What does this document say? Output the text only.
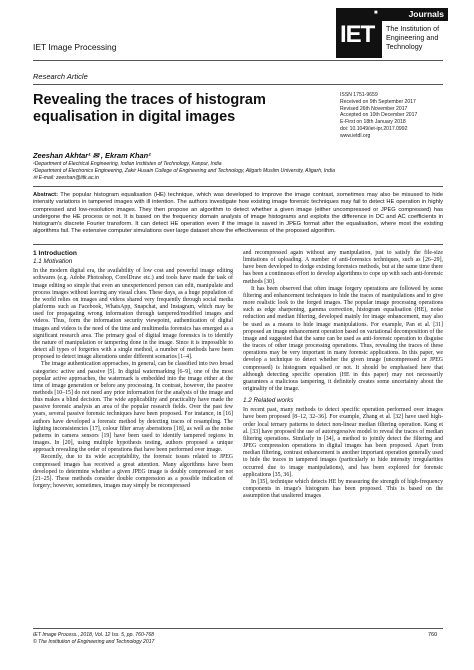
IET Image Processing
Research Article
IET
■	Journals
The Institution of
Engineering and Technology
Revealing the traces of histogram equalisation in digital images
ISSN 1751-9659
Received on 9th September 2017
Revised 26th November 2017
Accepted on 10th December 2017
E-First on 18th January 2018
doi: 10.1049/iet-ipr.2017.0992
www.ietdl.org
Zeeshan Akhtar¹ ✉ , Ekram Khan²
¹Department of Electrical Engineering, Indian Institutes of Technology, Kanpur, India
²Department of Electronics Engineering, Zakir Husain College of Engineering and Technology, Aligarh Muslim University, Aligarh, India
✉ E-mail: zeeshan@iitk.ac.in
Abstract: The popular histogram equalisation (HE) technique, which was developed to improve the image contrast, sometimes may also be misused to hide intensity variations in tampered images with ill intention. The authors investigate how existing image forensic techniques may fail to detect HE operation in highly compressed and low-resolution images. They then propose an algorithm to detect whether a given image (either uncompressed or JPEG compressed) has undergone the HE process or not. It is based on the frequency domain analysis of image histograms and exploits the difference in DC and AC coefficients in histogram's discrete Fourier transform. It can detect HE operation even if the image is saved in JPEG format after the equalisation, where most the existing algorithms fail. The extensive computer simulations over large dataset show the effectiveness of the proposed algorithm.
1 Introduction
1.1 Motivation

In the modern digital era, the availability of low cost and powerful image editing softwares (e.g. Adobe Photoshop, CorelDraw etc.) and tools have made the task of image editing so simple that even an unexperienced person can edit, manipulate and process images without leaving any visual clues. These days, as a huge population of the world relies on images and videos shared very frequently through social media platforms such as Facebook, WhatsApp, Snapchat, and Instagram, which may be used for propagating wrong information through tampered/modified images and videos. Thus, form the information security viewpoint, authentication of digital images and videos is the need of the time and multimedia forensics has emerged as a significant research area. The primary goal of digital image forensics is to identify the nature of manipulation or tampering done in the image. Since it is impossible to detect all types of forgeries with a single method, a number of methods have been proposed to detect image alterations under different scenarios [1–4].

The image authentication approaches, in general, can be classified into two broad categories: active and passive [5]. In digital watermarking [6–9], one of the most popular active approaches, the watermark is embedded into the image either at the time of image generation or before any processing. In contrast, however, the passive methods [10–15] do not need any prior information for the analysis of the image and thus makes a blind decision. The wide applicability and practicality have made the passive forensic analysis an area of the popular research fields. Over the past few years, several passive forensic techniques have been proposed. For instance, in [16] authors have developed a forensic method by detecting traces of resampling. The lighting inconsistencies [17], colour filter array aberrations [18], as well as the noise patterns in camera sensors [19] have been used to identify tampered regions in images. In [20], using multiple hypothesis testing, authors proposed a unique approach revealing the order of operations that have been performed over image.

Recently, due to its wide acceptability, the forensic issues related to JPEG compressed images has received a great attention. Many algorithms have been developed to determine whether a given JPEG image is doubly compressed or not [21–25]. These methods consider double compression as a possible indication of forgery; however, sometimes, images may simply be recompressed

and recompressed again without any manipulation, just to satisfy the file-size limitations of uploading. A number of anti-forensics techniques, such as [26–29], have been developed to dodge existing forensics methods, but at the same time there has been a continuous effort to develop algorithms to cope up with such anti-forensic methods [30].

It has been observed that often image forgery operations are followed by some filtering and enhancement techniques to hide the traces of manipulations and to give more realistic look to the forged images. The popular image processing operations such as edge sharpening, gamma correction, histogram equalisation (HE), noise reduction and median filtering, developed mainly for image enhancement, may also be used as a means to hide image manipulations. For example, Pan et al. [31] proposed an image enhancement operation based on variational decomposition of the image and suggested that the same can be used as anti-forensic operation to disguise the traces of other image processing operations. Thus, revealing the traces of these operations may be very important in many forensic applications. In this paper, we develop a technique to detect whether the given image (uncompressed or JPEG compressed) is histogram equalised or not. It should be emphasised here that although detecting specific operation (HE in this paper) may not necessarily guarantees a malicious tampering, it definitely creates some uncertainty about the originality of the image.

1.2 Related works

In recent past, many methods to detect specific operation performed over images have been proposed [8–12, 32–36]. For example, Zhang et al. [32] have used high-order local ternary patterns to detect non-linear median filtering operation. Kang et al. [33] have proposed the use of autoregressive model to reveal the traces of median filtering operations. Similarly in [34], a method to jointly detect the filtering and JPEG compression operations in digital images has been proposed. Apart from median filtering, contrast enhancement is another important operation generally used to hide the traces in tampered images (particularly to hide intensity irregularities occurred due to image manipulations), and has been explored for forensic applications [35, 36].

In [35], technique which detects HE by measuring the strength of high-frequency components in image's histogram has been proposed. This is based on the assumption that unaltered images

IET Image Process., 2018, Vol. 12 Iss. 5, pp. 760-768
© The Institution of Engineering and Technology 2017
760
